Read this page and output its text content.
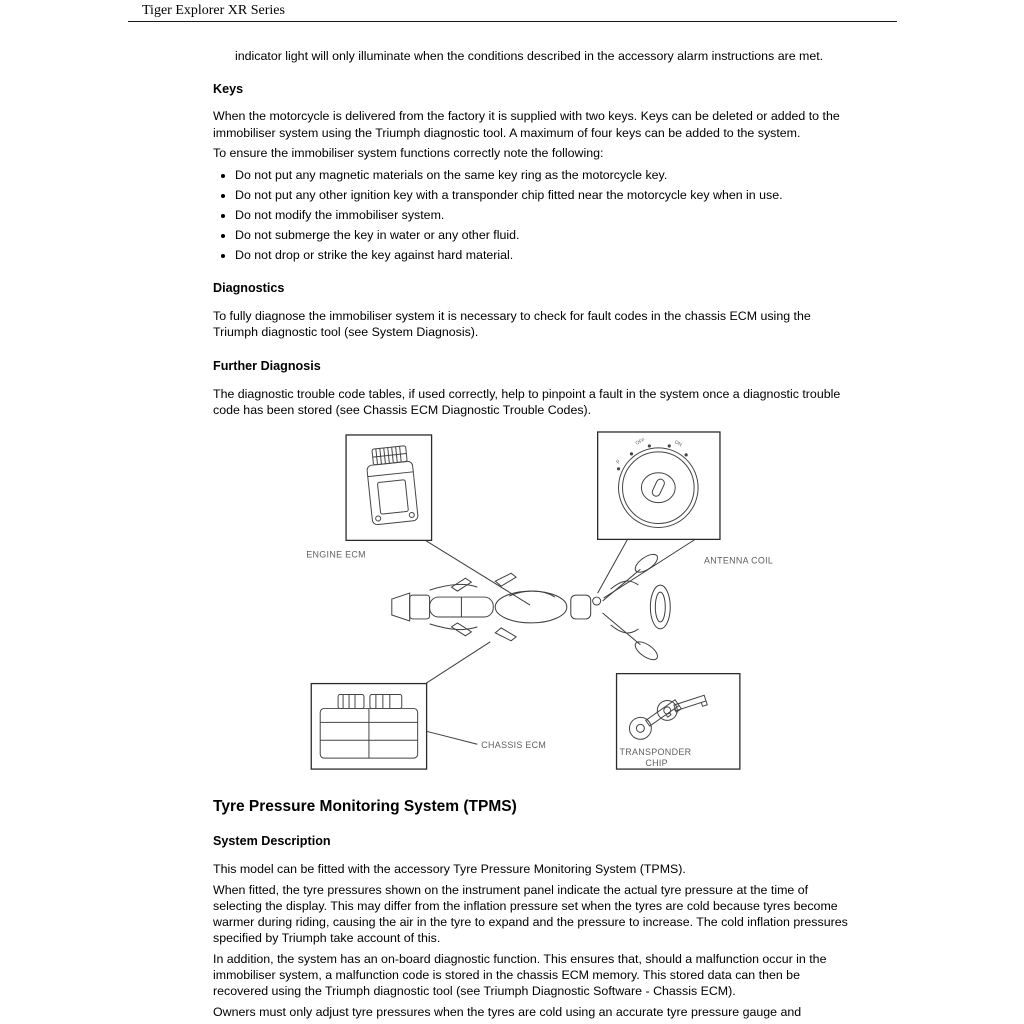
Tiger Explorer XR Series

indicator light will only illuminate when the conditions described in the accessory alarm instructions are met.

Keys

When the motorcycle is delivered from the factory it is supplied with two keys. Keys can be deleted or added to the immobiliser system using the Triumph diagnostic tool. A maximum of four keys can be added to the system.

To ensure the immobiliser system functions correctly note the following:

• Do not put any magnetic materials on the same key ring as the motorcycle key.
• Do not put any other ignition key with a transponder chip fitted near the motorcycle key when in use.
• Do not modify the immobiliser system.
• Do not submerge the key in water or any other fluid.
• Do not drop or strike the key against hard material.
Diagnostics

To fully diagnose the immobiliser system it is necessary to check for fault codes in the chassis ECM using the Triumph diagnostic tool (see System Diagnosis).

Further Diagnosis

The diagnostic trouble code tables, if used correctly, help to pinpoint a fault in the system once a diagnostic trouble code has been stored (see Chassis ECM Diagnostic Trouble Codes).

P
OFF	ON
ENGINE ECM
ANTENNA COIL
CHASSIS ECM
TRANSPONDER
CHIP
Tyre Pressure Monitoring System (TPMS)
System Description

This model can be fitted with the accessory Tyre Pressure Monitoring System (TPMS).

When fitted, the tyre pressures shown on the instrument panel indicate the actual tyre pressure at the time of selecting the display. This may differ from the inflation pressure set when the tyres are cold because tyres become warmer during riding, causing the air in the tyre to expand and the pressure to increase. The cold inflation pressures specified by Triumph take account of this.

In addition, the system has an on-board diagnostic function. This ensures that, should a malfunction occur in the immobiliser system, a malfunction code is stored in the chassis ECM memory. This stored data can then be recovered using the Triumph diagnostic tool (see Triumph Diagnostic Software - Chassis ECM).

Owners must only adjust tyre pressures when the tyres are cold using an accurate tyre pressure gauge and
